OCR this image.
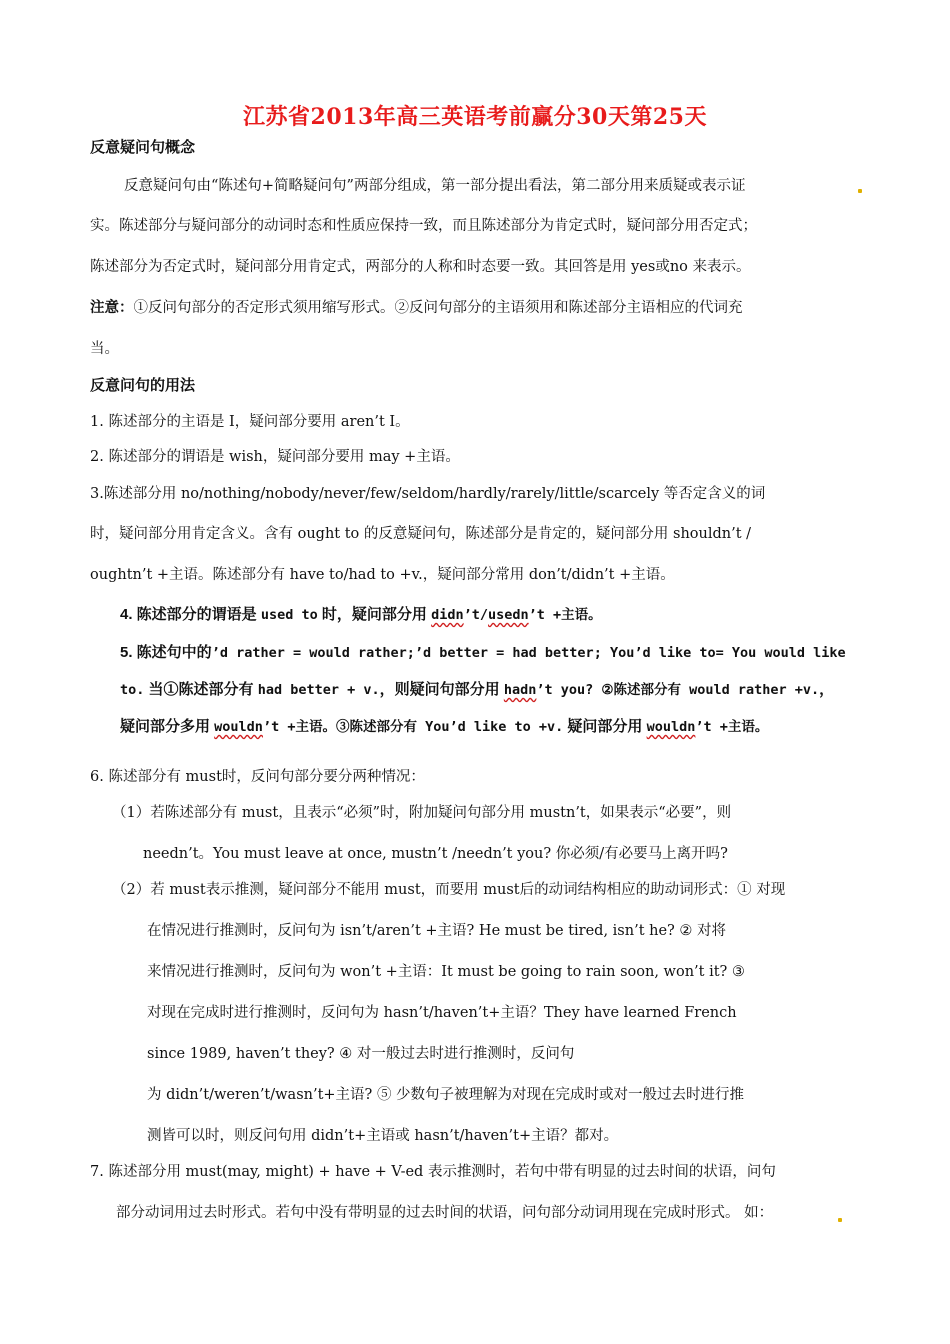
江苏省2013年高三英语考前赢分30天第25天
反意疑问句概念
反意疑问句由“陈述句+简略疑问句”两部分组成，第一部分提出看法，第二部分用来质疑或表示证
实。陈述部分与疑问部分的动词时态和性质应保持一致，而且陈述部分为肯定式时，疑问部分用否定式；
陈述部分为否定式时，疑问部分用肯定式，两部分的人称和时态要一致。其回答是用 yes或no 来表示。
注意：①反问句部分的否定形式须用缩写形式。②反问句部分的主语须用和陈述部分主语相应的代词充
当。
反意问句的用法
1. 陈述部分的主语是 I，疑问部分要用 aren’t I。
2. 陈述部分的谓语是 wish，疑问部分要用 may +主语。
3.陈述部分用 no/nothing/nobody/never/few/seldom/hardly/rarely/little/scarcely 等否定含义的词
时，疑问部分用肯定含义。含有 ought to 的反意疑问句，陈述部分是肯定的，疑问部分用 shouldn’t /
oughtn’t +主语。陈述部分有 have to/had to +v.，疑问部分常用 don’t/didn’t +主语。
4. 陈述部分的谓语是 used to 时，疑问部分用 didn’t/usedn’t +主语。
5. 陈述句中的’d rather = would rather;’d better = had better; You’d like to= You would like
to. 当①陈述部分有 had better + v.，则疑问句部分用 hadn’t you? ②陈述部分有 would rather +v.，
疑问部分多用 wouldn’t +主语。③陈述部分有 You’d like to +v. 疑问部分用 wouldn’t +主语。
6. 陈述部分有 must时，反问句部分要分两种情况：
（1）若陈述部分有 must，且表示“必须”时，附加疑问句部分用 mustn’t，如果表示“必要”，则
needn’t。You must leave at once, mustn’t /needn’t you? 你必须/有必要马上离开吗?
（2）若 must表示推测，疑问部分不能用 must，而要用 must后的动词结构相应的助动词形式：① 对现
在情况进行推测时，反问句为 isn’t/aren’t +主语? He must be tired, isn’t he? ② 对将
来情况进行推测时，反问句为 won’t +主语：It must be going to rain soon, won’t it? ③
对现在完成时进行推测时，反问句为 hasn’t/haven’t+主语？They have learned French
since 1989, haven’t they? ④ 对一般过去时进行推测时，反问句
为 didn’t/weren’t/wasn’t+主语? ⑤ 少数句子被理解为对现在完成时或对一般过去时进行推
测皆可以时，则反问句用 didn’t+主语或 hasn’t/haven’t+主语？都对。
7. 陈述部分用 must(may, might) + have + V-ed 表示推测时，若句中带有明显的过去时间的状语，问句
部分动词用过去时形式。若句中没有带明显的过去时间的状语，问句部分动词用现在完成时形式。 如：
